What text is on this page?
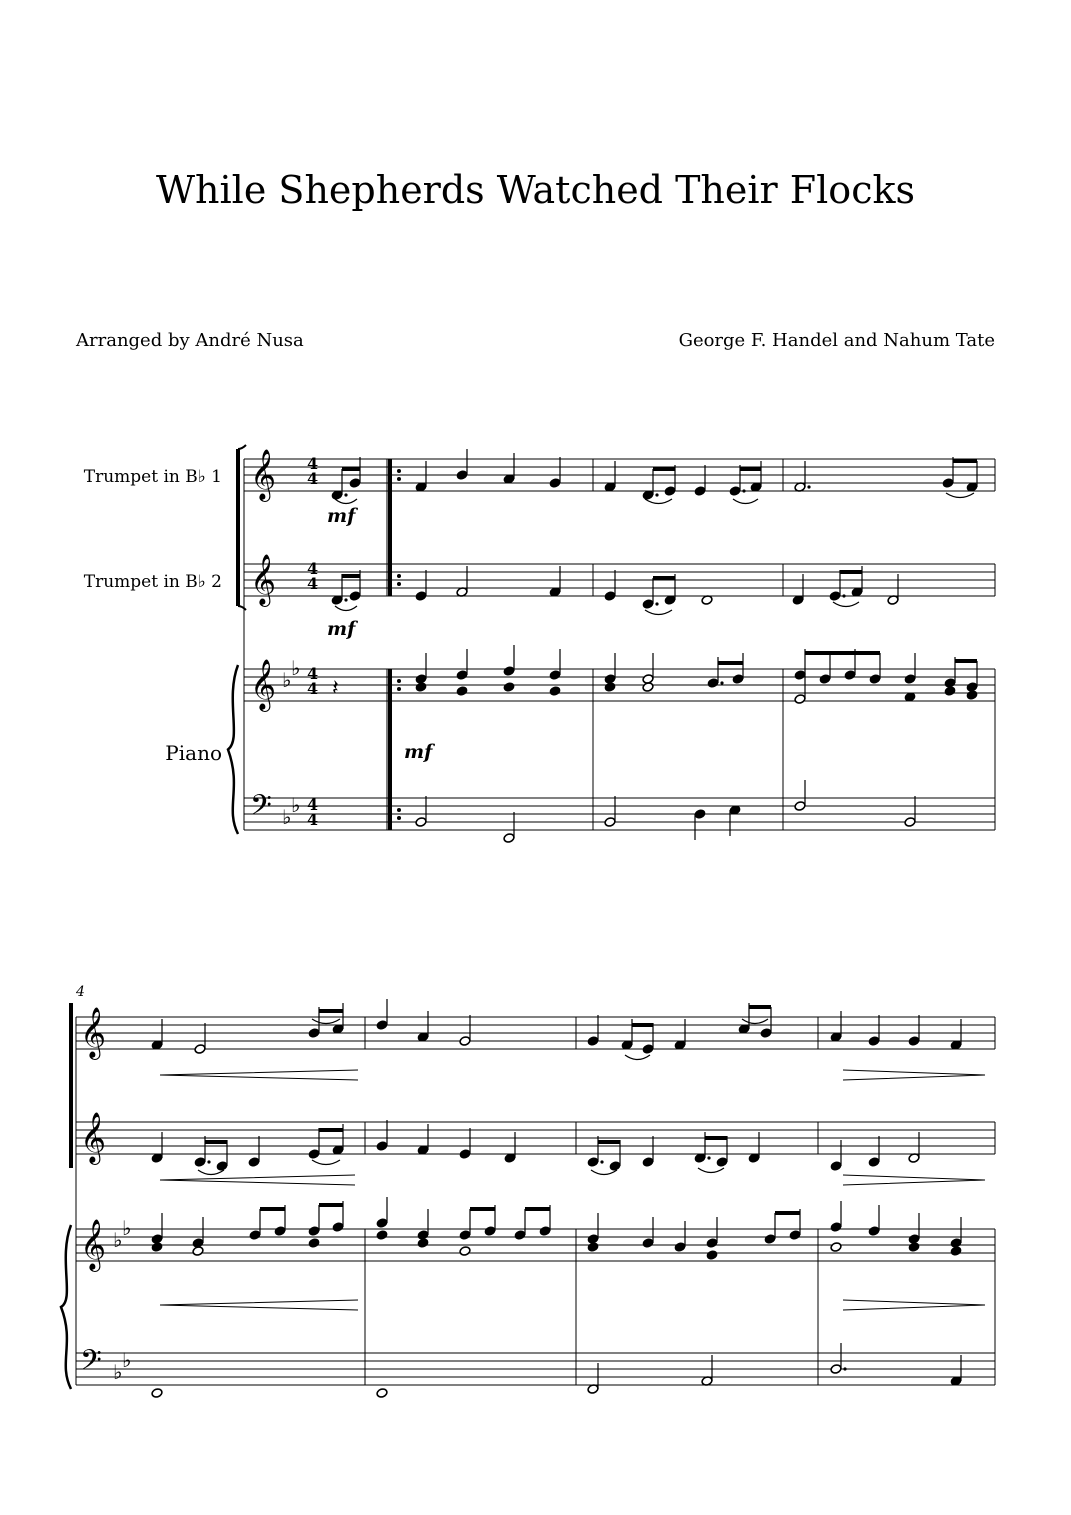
While Shepherds Watched Their Flocks
Arranged by André Nusa	George F. Handel and Nahum Tate
𝄞
𝄞
𝄞
𝄢
♭ ♭
♭ ♭
𝄽
𝄞
𝄞
𝄞
𝄢
♭ ♭
♭ ♭
Trumpet in B♭ 1
Trumpet in B♭ 2
Piano
4
4
4
4
4
4
4
4
mf
mf
mf
4
